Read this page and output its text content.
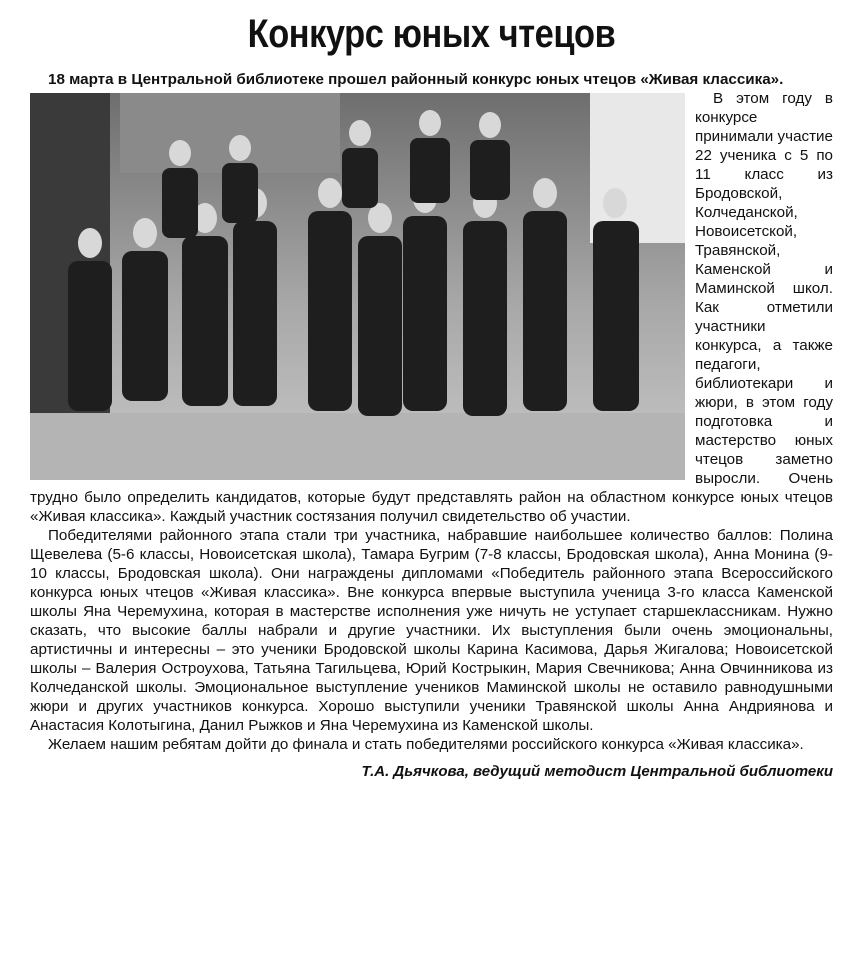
Конкурс юных чтецов

18 марта в Центральной библиотеке прошел районный конкурс юных чтецов «Живая классика».

В этом году в конкурсе принимали участие 22 ученика с 5 по 11 класс из Бродовской, Колчеданской, Новоисетской, Травянской, Каменской и Маминской школ. Как отметили участники конкурса, а также педагоги, библиотекари и жюри, в этом году подготовка и мастерство юных чтецов заметно выросли. Очень трудно было определить кандидатов, которые будут представлять район на областном конкурсе юных чтецов «Живая классика». Каждый участник состязания получил свидетельство об участии.

Победителями районного этапа стали три участника, набравшие наибольшее количество баллов: Полина Щевелева (5-6 классы, Новоисетская школа), Тамара Бугрим (7-8 классы, Бродовская школа), Анна Монина (9-10 классы, Бродовская школа). Они награждены дипломами «Победитель районного этапа Всероссийского конкурса юных чтецов «Живая классика». Вне конкурса впервые выступила ученица 3-го класса Каменской школы Яна Черемухина, которая в мастерстве исполнения уже ничуть не уступает старшеклассникам. Нужно сказать, что высокие баллы набрали и другие участники. Их выступления были очень эмоциональны, артистичны и интересны – это ученики Бродовской школы Карина Касимова, Дарья Жигалова; Новоисетской школы – Валерия Остроухова, Татьяна Тагильцева, Юрий Кострыкин, Мария Свечникова; Анна Овчинникова из Колчеданской школы. Эмоциональное выступление учеников Маминской школы не оставило равнодушными жюри и других участников конкурса. Хорошо выступили ученики Травянской школы Анна Андриянова и Анастасия Колотыгина, Данил Рыжков и Яна Черемухина из Каменской школы.

Желаем нашим ребятам дойти до финала и стать победителями российского конкурса «Живая классика».

Т.А. Дьячкова, ведущий методист Центральной библиотеки
